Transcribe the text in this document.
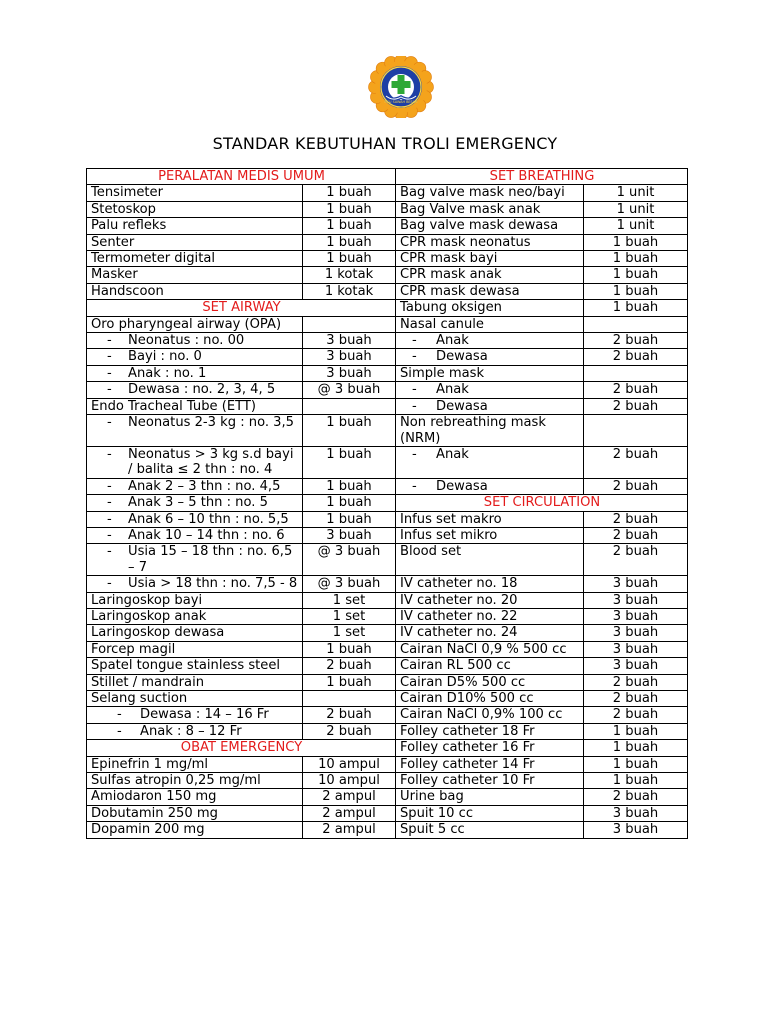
RSU SAWAH BESAR
STANDAR KEBUTUHAN TROLI EMERGENCY
PERALATAN MEDIS UMUM		SET BREATHING	
Tensimeter	1 buah	Bag valve mask neo/bayi	1 unit
Stetoskop	1 buah	Bag Valve mask anak	1 unit
Palu refleks	1 buah	Bag valve mask dewasa	1 unit
Senter	1 buah	CPR mask neonatus	1 buah
Termometer digital	1 buah	CPR mask bayi	1 buah
Masker	1 kotak	CPR mask anak	1 buah
Handscoon	1 kotak	CPR mask dewasa	1 buah
SET AIRWAY		Tabung oksigen	1 buah
Oro pharyngeal airway (OPA)		Nasal canule	

- Neonatus : no. 00	3 buah	- Anak	2 buah

- Bayi : no. 0	3 buah	- Dewasa	2 buah

- Anak : no. 1	3 buah	Simple mask	

- Dewasa : no. 2, 3, 4, 5	@ 3 buah	- Anak	2 buah
Endo Tracheal Tube (ETT)		- Dewasa	2 buah

- Neonatus 2-3 kg : no. 3,5	1 buah	Non rebreathing mask (NRM)	

- Neonatus > 3 kg s.d bayi / balita ≤ 2 thn : no. 4	1 buah	- Anak	2 buah

- Anak 2 – 3 thn : no. 4,5	1 buah	- Dewasa	2 buah

- Anak 3 – 5 thn : no. 5	1 buah	SET CIRCULATION	

- Anak 6 – 10 thn : no. 5,5	1 buah	Infus set makro	2 buah

- Anak 10 – 14 thn : no. 6	3 buah	Infus set mikro	2 buah

- Usia 15 – 18 thn : no. 6,5 – 7	@ 3 buah	Blood set	2 buah

- Usia > 18 thn : no. 7,5 - 8	@ 3 buah	IV catheter no. 18	3 buah
Laringoskop bayi	1 set	IV catheter no. 20	3 buah
Laringoskop anak	1 set	IV catheter no. 22	3 buah
Laringoskop dewasa	1 set	IV catheter no. 24	3 buah
Forcep magil	1 buah	Cairan NaCl 0,9 % 500 cc	3 buah
Spatel tongue stainless steel	2 buah	Cairan RL 500 cc	3 buah
Stillet / mandrain	1 buah	Cairan D5% 500 cc	2 buah
Selang suction		Cairan D10% 500 cc	2 buah

- Dewasa : 14 – 16 Fr	2 buah	Cairan NaCl 0,9% 100 cc	2 buah

- Anak : 8 – 12 Fr	2 buah	Folley catheter 18 Fr	1 buah
OBAT EMERGENCY		Folley catheter 16 Fr	1 buah
Epinefrin 1 mg/ml	10 ampul	Folley catheter 14 Fr	1 buah
Sulfas atropin 0,25 mg/ml	10 ampul	Folley catheter 10 Fr	1 buah
Amiodaron 150 mg	2 ampul	Urine bag	2 buah
Dobutamin 250 mg	2 ampul	Spuit 10 cc	3 buah
Dopamin 200 mg	2 ampul	Spuit 5 cc	3 buah
